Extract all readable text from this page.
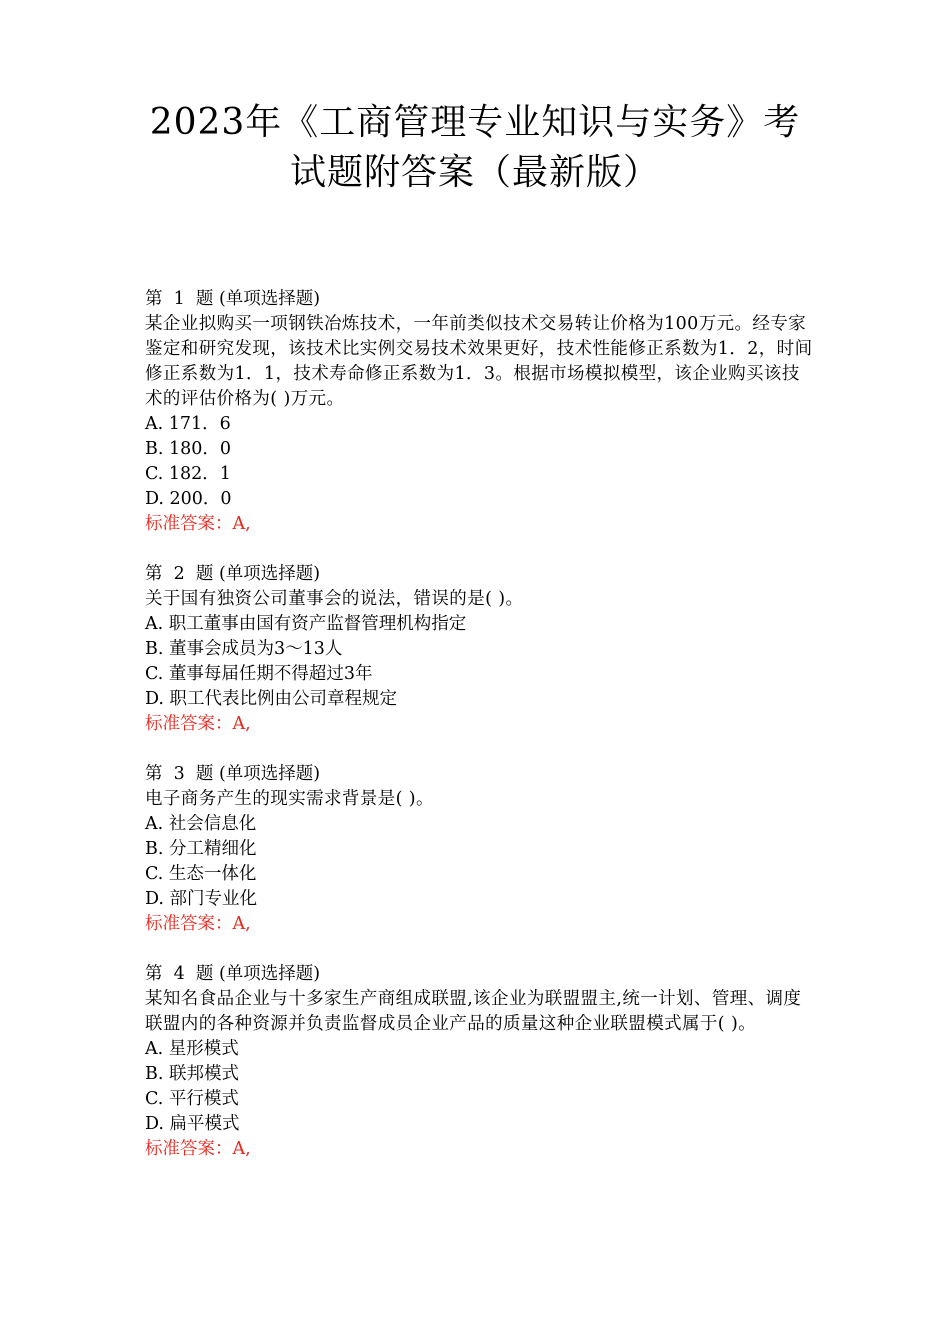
2023年《工商管理专业知识与实务》考
试题附答案（最新版）
第  1  题 (单项选择题)
某企业拟购买一项钢铁冶炼技术，一年前类似技术交易转让价格为100万元。经专家鉴定和研究发现，该技术比实例交易技术效果更好，技术性能修正系数为1．2，时间修正系数为1．1，技术寿命修正系数为1．3。根据市场模拟模型，该企业购买该技术的评估价格为( )万元。
A. 171．6
B. 180．0
C. 182．1
D. 200．0
标准答案：A,
第  2  题 (单项选择题)
关于国有独资公司董事会的说法，错误的是( )。
A. 职工董事由国有资产监督管理机构指定
B. 董事会成员为3～13人
C. 董事每届任期不得超过3年
D. 职工代表比例由公司章程规定
标准答案：A,
第  3  题 (单项选择题)
电子商务产生的现实需求背景是( )。
A. 社会信息化
B. 分工精细化
C. 生态一体化
D. 部门专业化
标准答案：A,
第  4  题 (单项选择题)
某知名食品企业与十多家生产商组成联盟,该企业为联盟盟主,统一计划、管理、调度联盟内的各种资源并负责监督成员企业产品的质量这种企业联盟模式属于( )。
A. 星形模式
B. 联邦模式
C. 平行模式
D. 扁平模式
标准答案：A,
